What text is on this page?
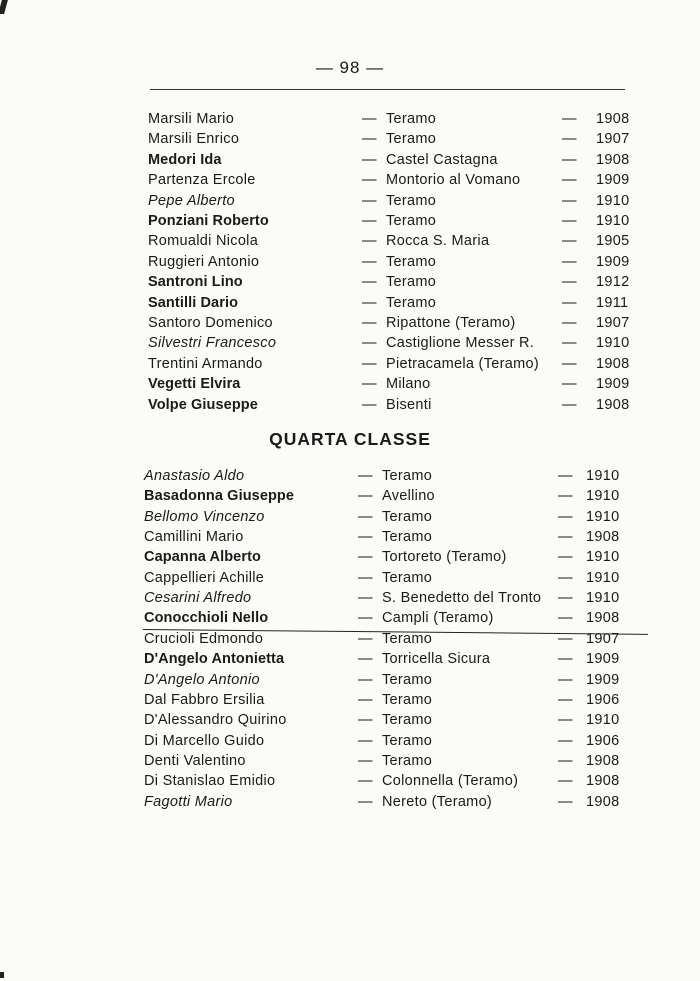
— 98 —
Marsili Mario	— Teramo	— 1908
Marsili Enrico	— Teramo	— 1907
Medori Ida	— Castel Castagna	— 1908
Partenza Ercole	— Montorio al Vomano	— 1909
Pepe Alberto	— Teramo	— 1910
Ponziani Roberto	— Teramo	— 1910
Romualdi Nicola	— Rocca S. Maria	— 1905
Ruggieri Antonio	— Teramo	— 1909
Santroni Lino	— Teramo	— 1912
Santilli Dario	— Teramo	— 1911
Santoro Domenico	— Ripattone (Teramo)	— 1907
Silvestri Francesco	— Castiglione Messer R. — 1910
Trentini Armando	— Pietracamela (Teramo) — 1908
Vegetti Elvira	— Milano	— 1909
Volpe Giuseppe	— Bisenti	— 1908
QUARTA CLASSE
Anastasio Aldo	— Teramo	— 1910
Basadonna Giuseppe	— Avellino	— 1910
Bellomo Vincenzo	— Teramo	— 1910
Camillini Mario	— Teramo	— 1908
Capanna Alberto	— Tortoreto (Teramo)	— 1910
Cappellieri Achille	— Teramo	— 1910
Cesarini Alfredo	— S. Benedetto del Tronto — 1910
Conocchioli Nello	— Campli (Teramo)	— 1908
Crucioli Edmondo	— Teramo	— 1907
D'Angelo Antonietta	— Torricella Sicura	— 1909
D'Angelo Antonio	— Teramo	— 1909
Dal Fabbro Ersilia	— Teramo	— 1906
D'Alessandro Quirino	— Teramo	— 1910
Di Marcello Guido	— Teramo	— 1906
Denti Valentino	— Teramo	— 1908
Di Stanislao Emidio	— Colonnella (Teramo)	— 1908
Fagotti Mario	— Nereto (Teramo)	— 1908
